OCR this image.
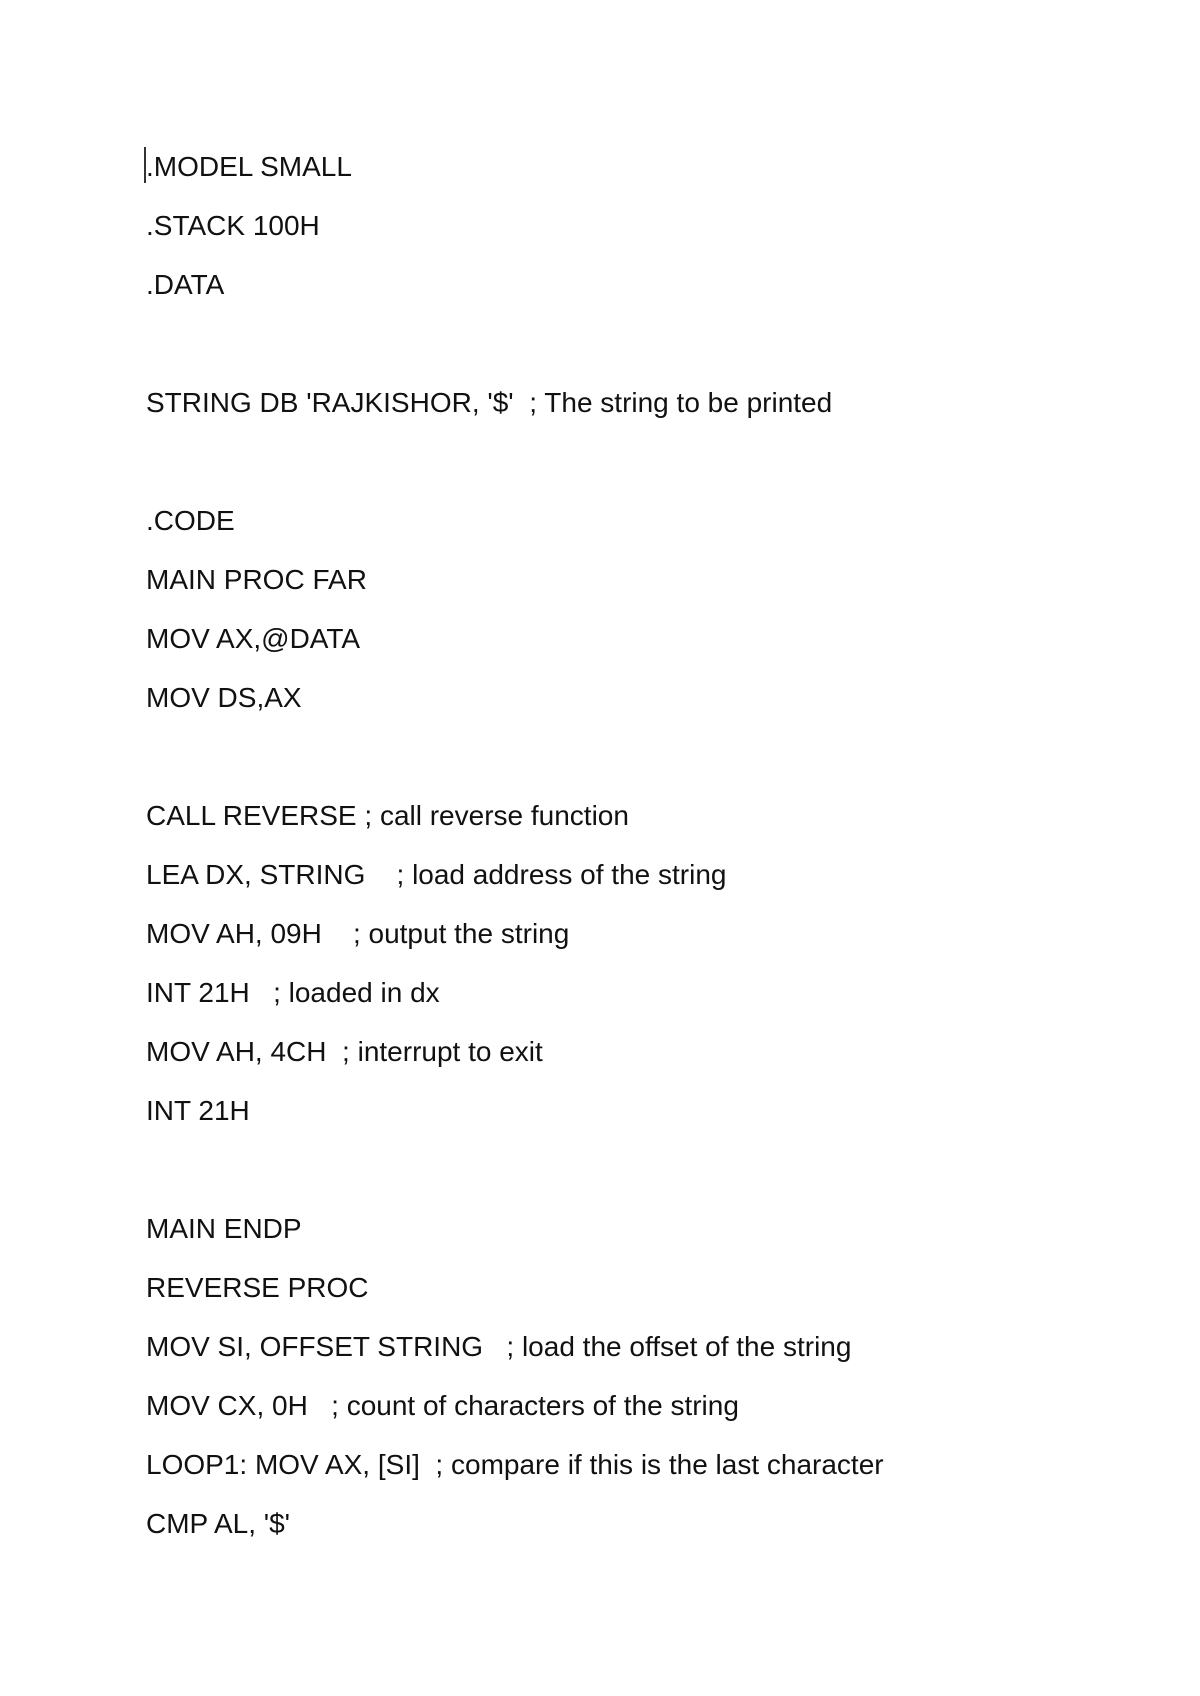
.MODEL SMALL
.STACK 100H
.DATA
STRING DB 'RAJKISHOR, '$'  ; The string to be printed
.CODE
MAIN PROC FAR
MOV AX,@DATA
MOV DS,AX
CALL REVERSE ; call reverse function
LEA DX, STRING    ; load address of the string
MOV AH, 09H    ; output the string
INT 21H   ; loaded in dx
MOV AH, 4CH  ; interrupt to exit
INT 21H
MAIN ENDP
REVERSE PROC
MOV SI, OFFSET STRING   ; load the offset of the string
MOV CX, 0H   ; count of characters of the string
LOOP1: MOV AX, [SI]  ; compare if this is the last character
CMP AL, '$'
